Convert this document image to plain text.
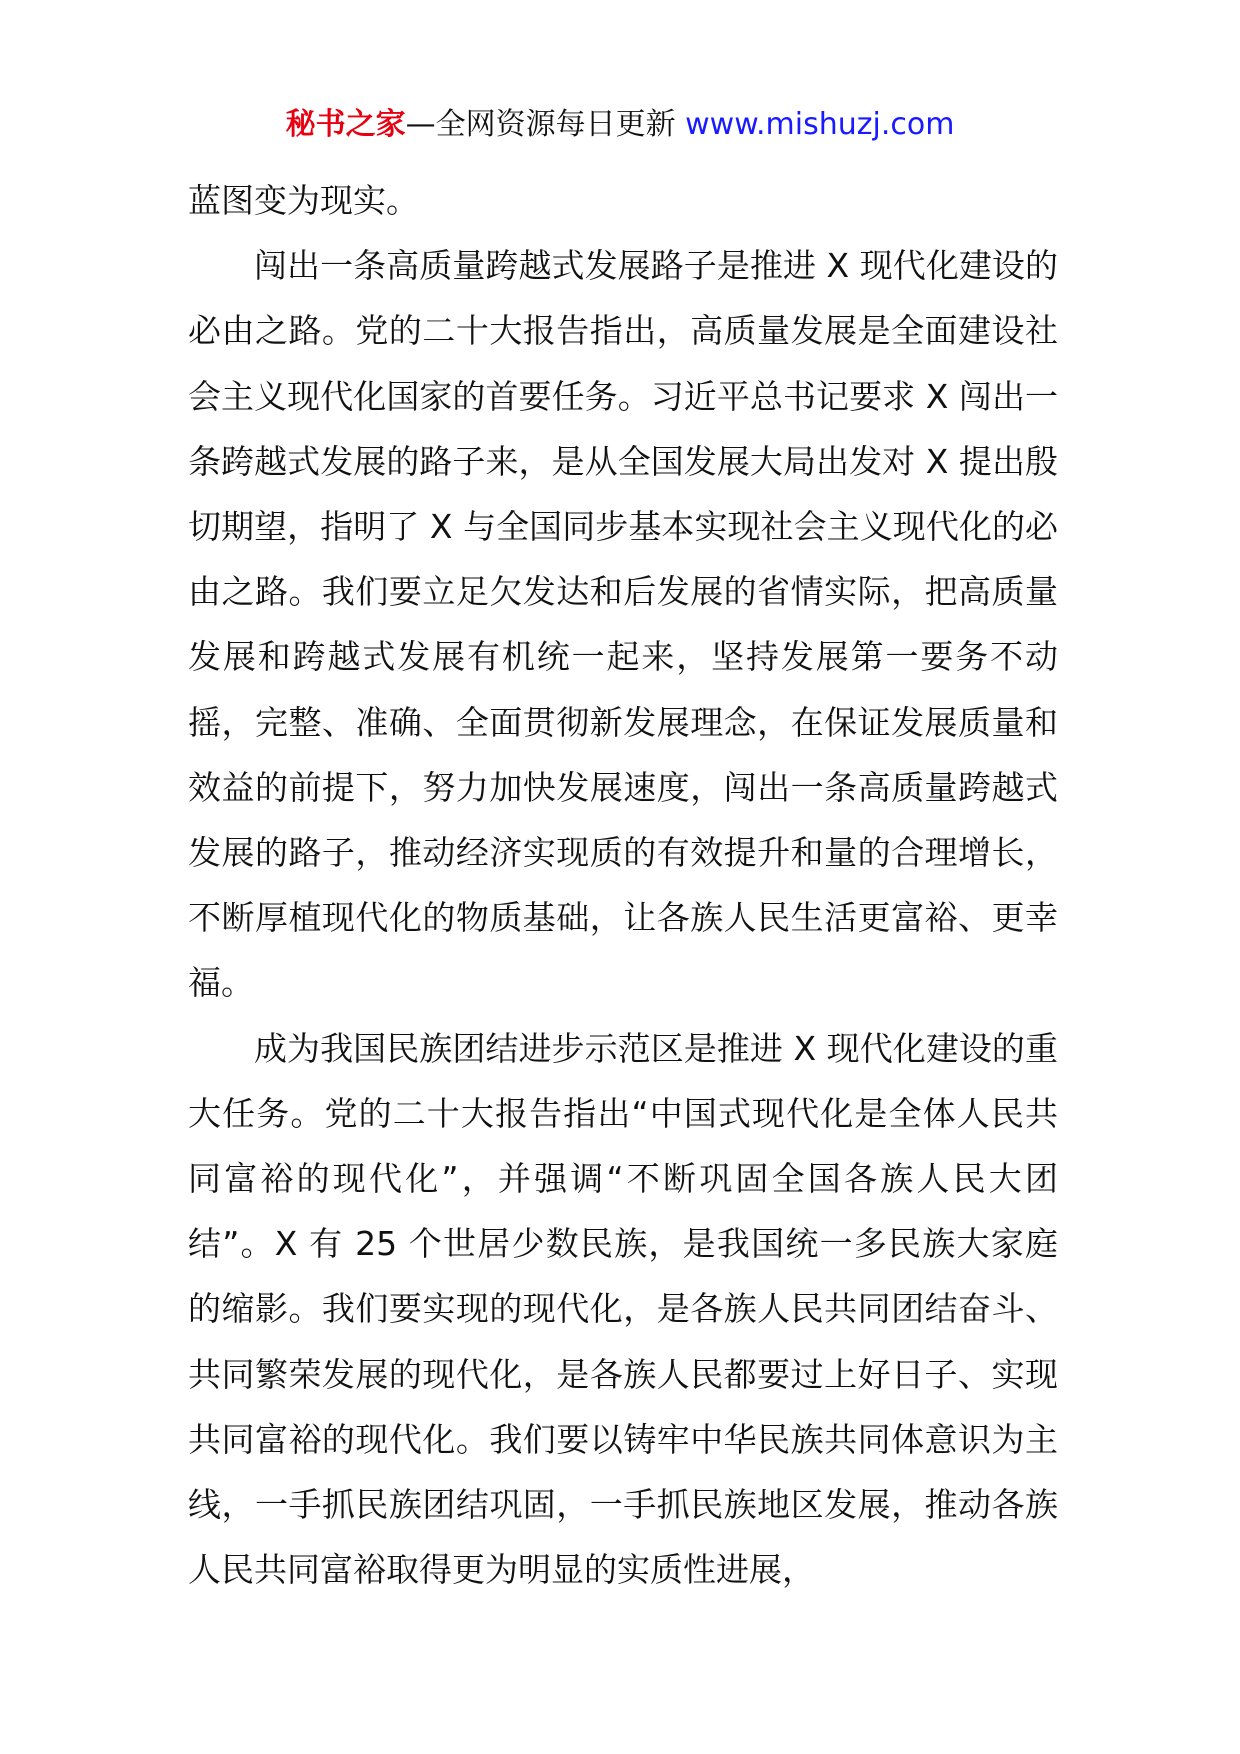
秘书之家—全网资源每日更新 www.mishuzj.com

蓝图变为现实。

闯出一条高质量跨越式发展路子是推进 X 现代化建设的必由之路。党的二十大报告指出，高质量发展是全面建设社会主义现代化国家的首要任务。习近平总书记要求 X 闯出一条跨越式发展的路子来，是从全国发展大局出发对 X 提出殷切期望，指明了 X 与全国同步基本实现社会主义现代化的必由之路。我们要立足欠发达和后发展的省情实际，把高质量发展和跨越式发展有机统一起来，坚持发展第一要务不动摇，完整、准确、全面贯彻新发展理念，在保证发展质量和效益的前提下，努力加快发展速度，闯出一条高质量跨越式发展的路子，推动经济实现质的有效提升和量的合理增长，不断厚植现代化的物质基础，让各族人民生活更富裕、更幸福。

成为我国民族团结进步示范区是推进 X 现代化建设的重大任务。党的二十大报告指出“中国式现代化是全体人民共同富裕的现代化”，并强调“不断巩固全国各族人民大团结”。X 有 25 个世居少数民族，是我国统一多民族大家庭的缩影。我们要实现的现代化，是各族人民共同团结奋斗、共同繁荣发展的现代化，是各族人民都要过上好日子、实现共同富裕的现代化。我们要以铸牢中华民族共同体意识为主线，一手抓民族团结巩固，一手抓民族地区发展，推动各族人民共同富裕取得更为明显的实质性进展，
